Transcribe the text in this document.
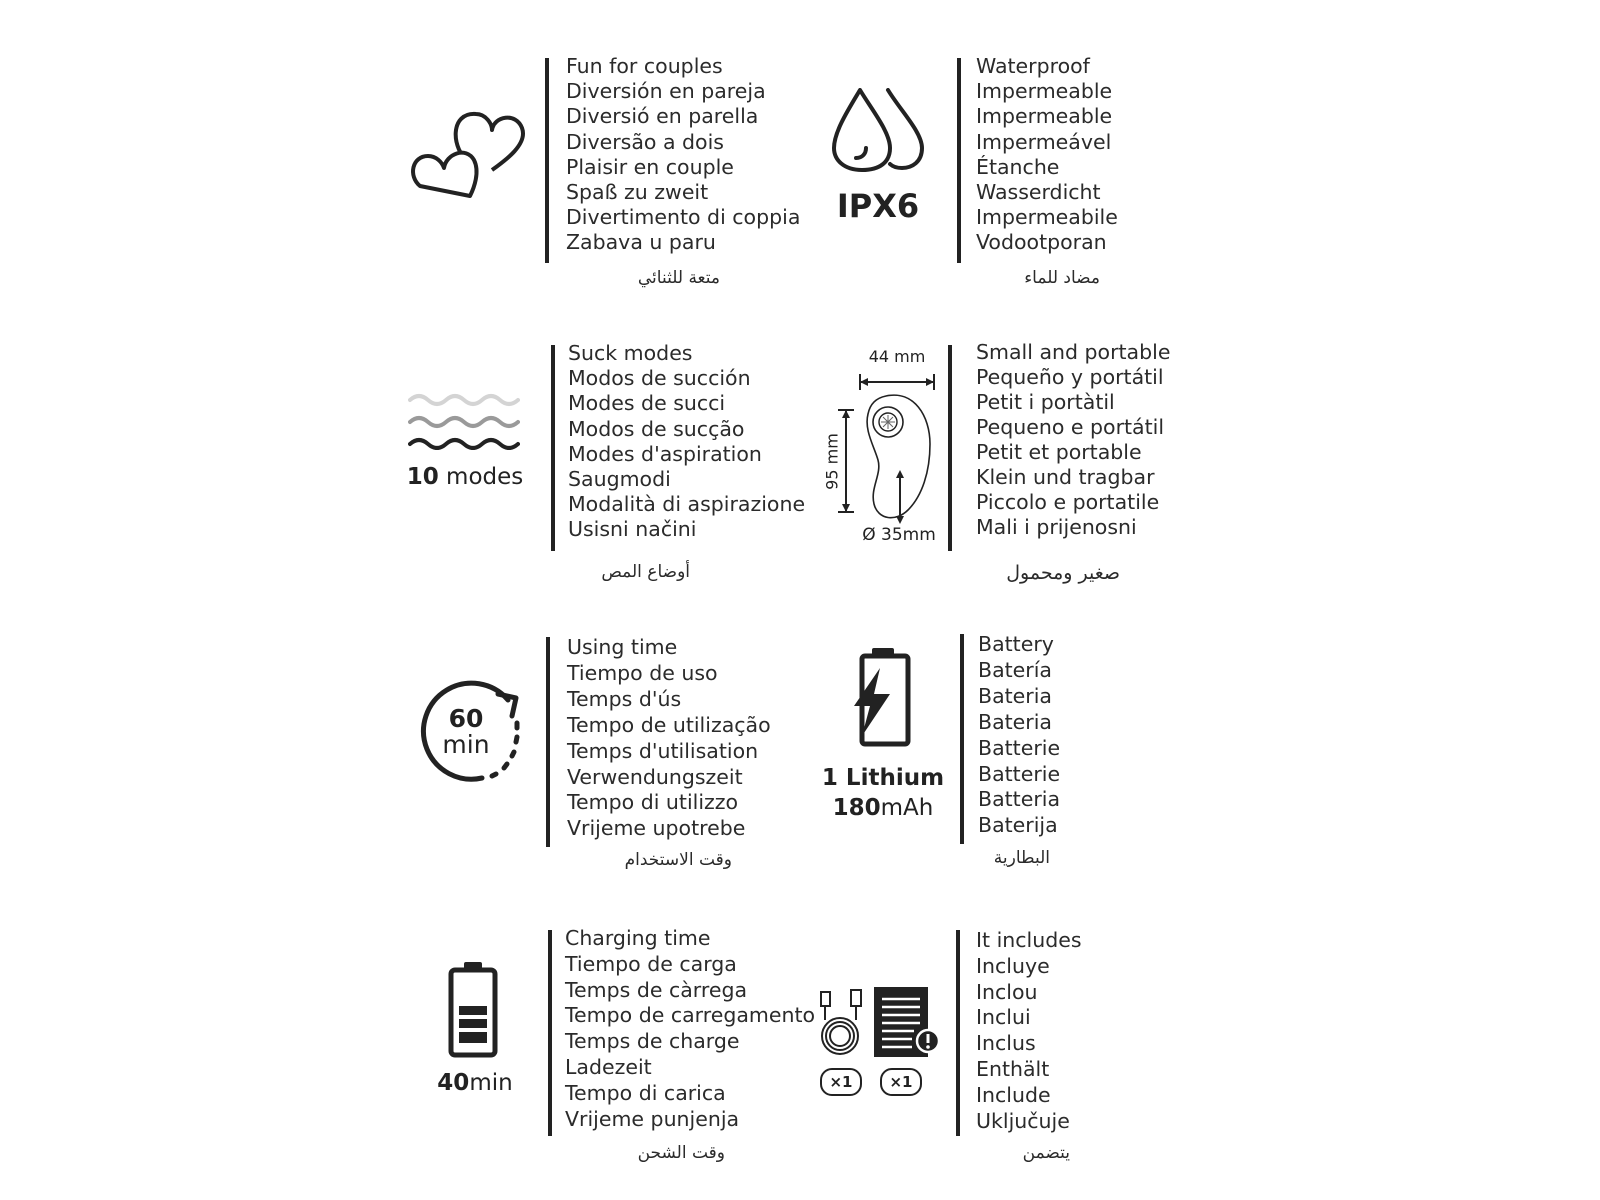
Fun for couples
Diversión en pareja
Diversió en parella
Diversão a dois
Plaisir en couple
Spaß zu zweit
Divertimento di coppia
Zabava u paru
متعة للثنائي
IPX6
Waterproof
Impermeable
Impermeable
Impermeável
Étanche
Wasserdicht
Impermeabile
Vodootporan
مضاد للماء
10 modes
Suck modes
Modos de succión
Modes de succi
Modos de sucção
Modes d'aspiration
Saugmodi
Modalità di aspirazione
Usisni načini
أوضاع المص
44 mm
95 mm
Ø 35mm
Small and portable
Pequeño y portátil
Petit i portàtil
Pequeno e portátil
Petit et portable
Klein und tragbar
Piccolo e portatile
Mali i prijenosni
صغير ومحمول
60
min
Using time
Tiempo de uso
Temps d'ús
Tempo de utilização
Temps d'utilisation
Verwendungszeit
Tempo di utilizzo
Vrijeme upotrebe
وقت الاستخدام
1 Lithium
180mAh
Battery
Batería
Bateria
Bateria
Batterie
Batterie
Batteria
Baterija
البطارية
40min
Charging time
Tiempo de carga
Temps de càrrega
Tempo de carregamento
Temps de charge
Ladezeit
Tempo di carica
Vrijeme punjenja
وقت الشحن
×1	×1
It includes
Incluye
Inclou
Inclui
Inclus
Enthält
Include
Uključuje
يتضمن
